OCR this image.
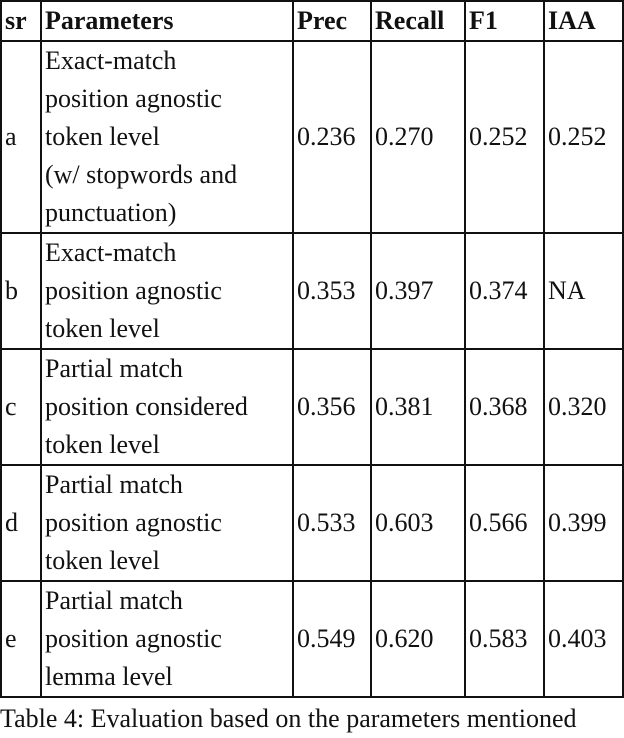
sr	Parameters	Prec	Recall	F1	IAA
a	Exact-match
position agnostic
token level
(w/ stopwords and
punctuation)	0.236	0.270	0.252	0.252
b	Exact-match
position agnostic
token level	0.353	0.397	0.374	NA
c	Partial match
position considered
token level	0.356	0.381	0.368	0.320
d	Partial match
position agnostic
token level	0.533	0.603	0.566	0.399
e	Partial match
position agnostic
lemma level	0.549	0.620	0.583	0.403
Table 4: Evaluation based on the parameters mentioned
